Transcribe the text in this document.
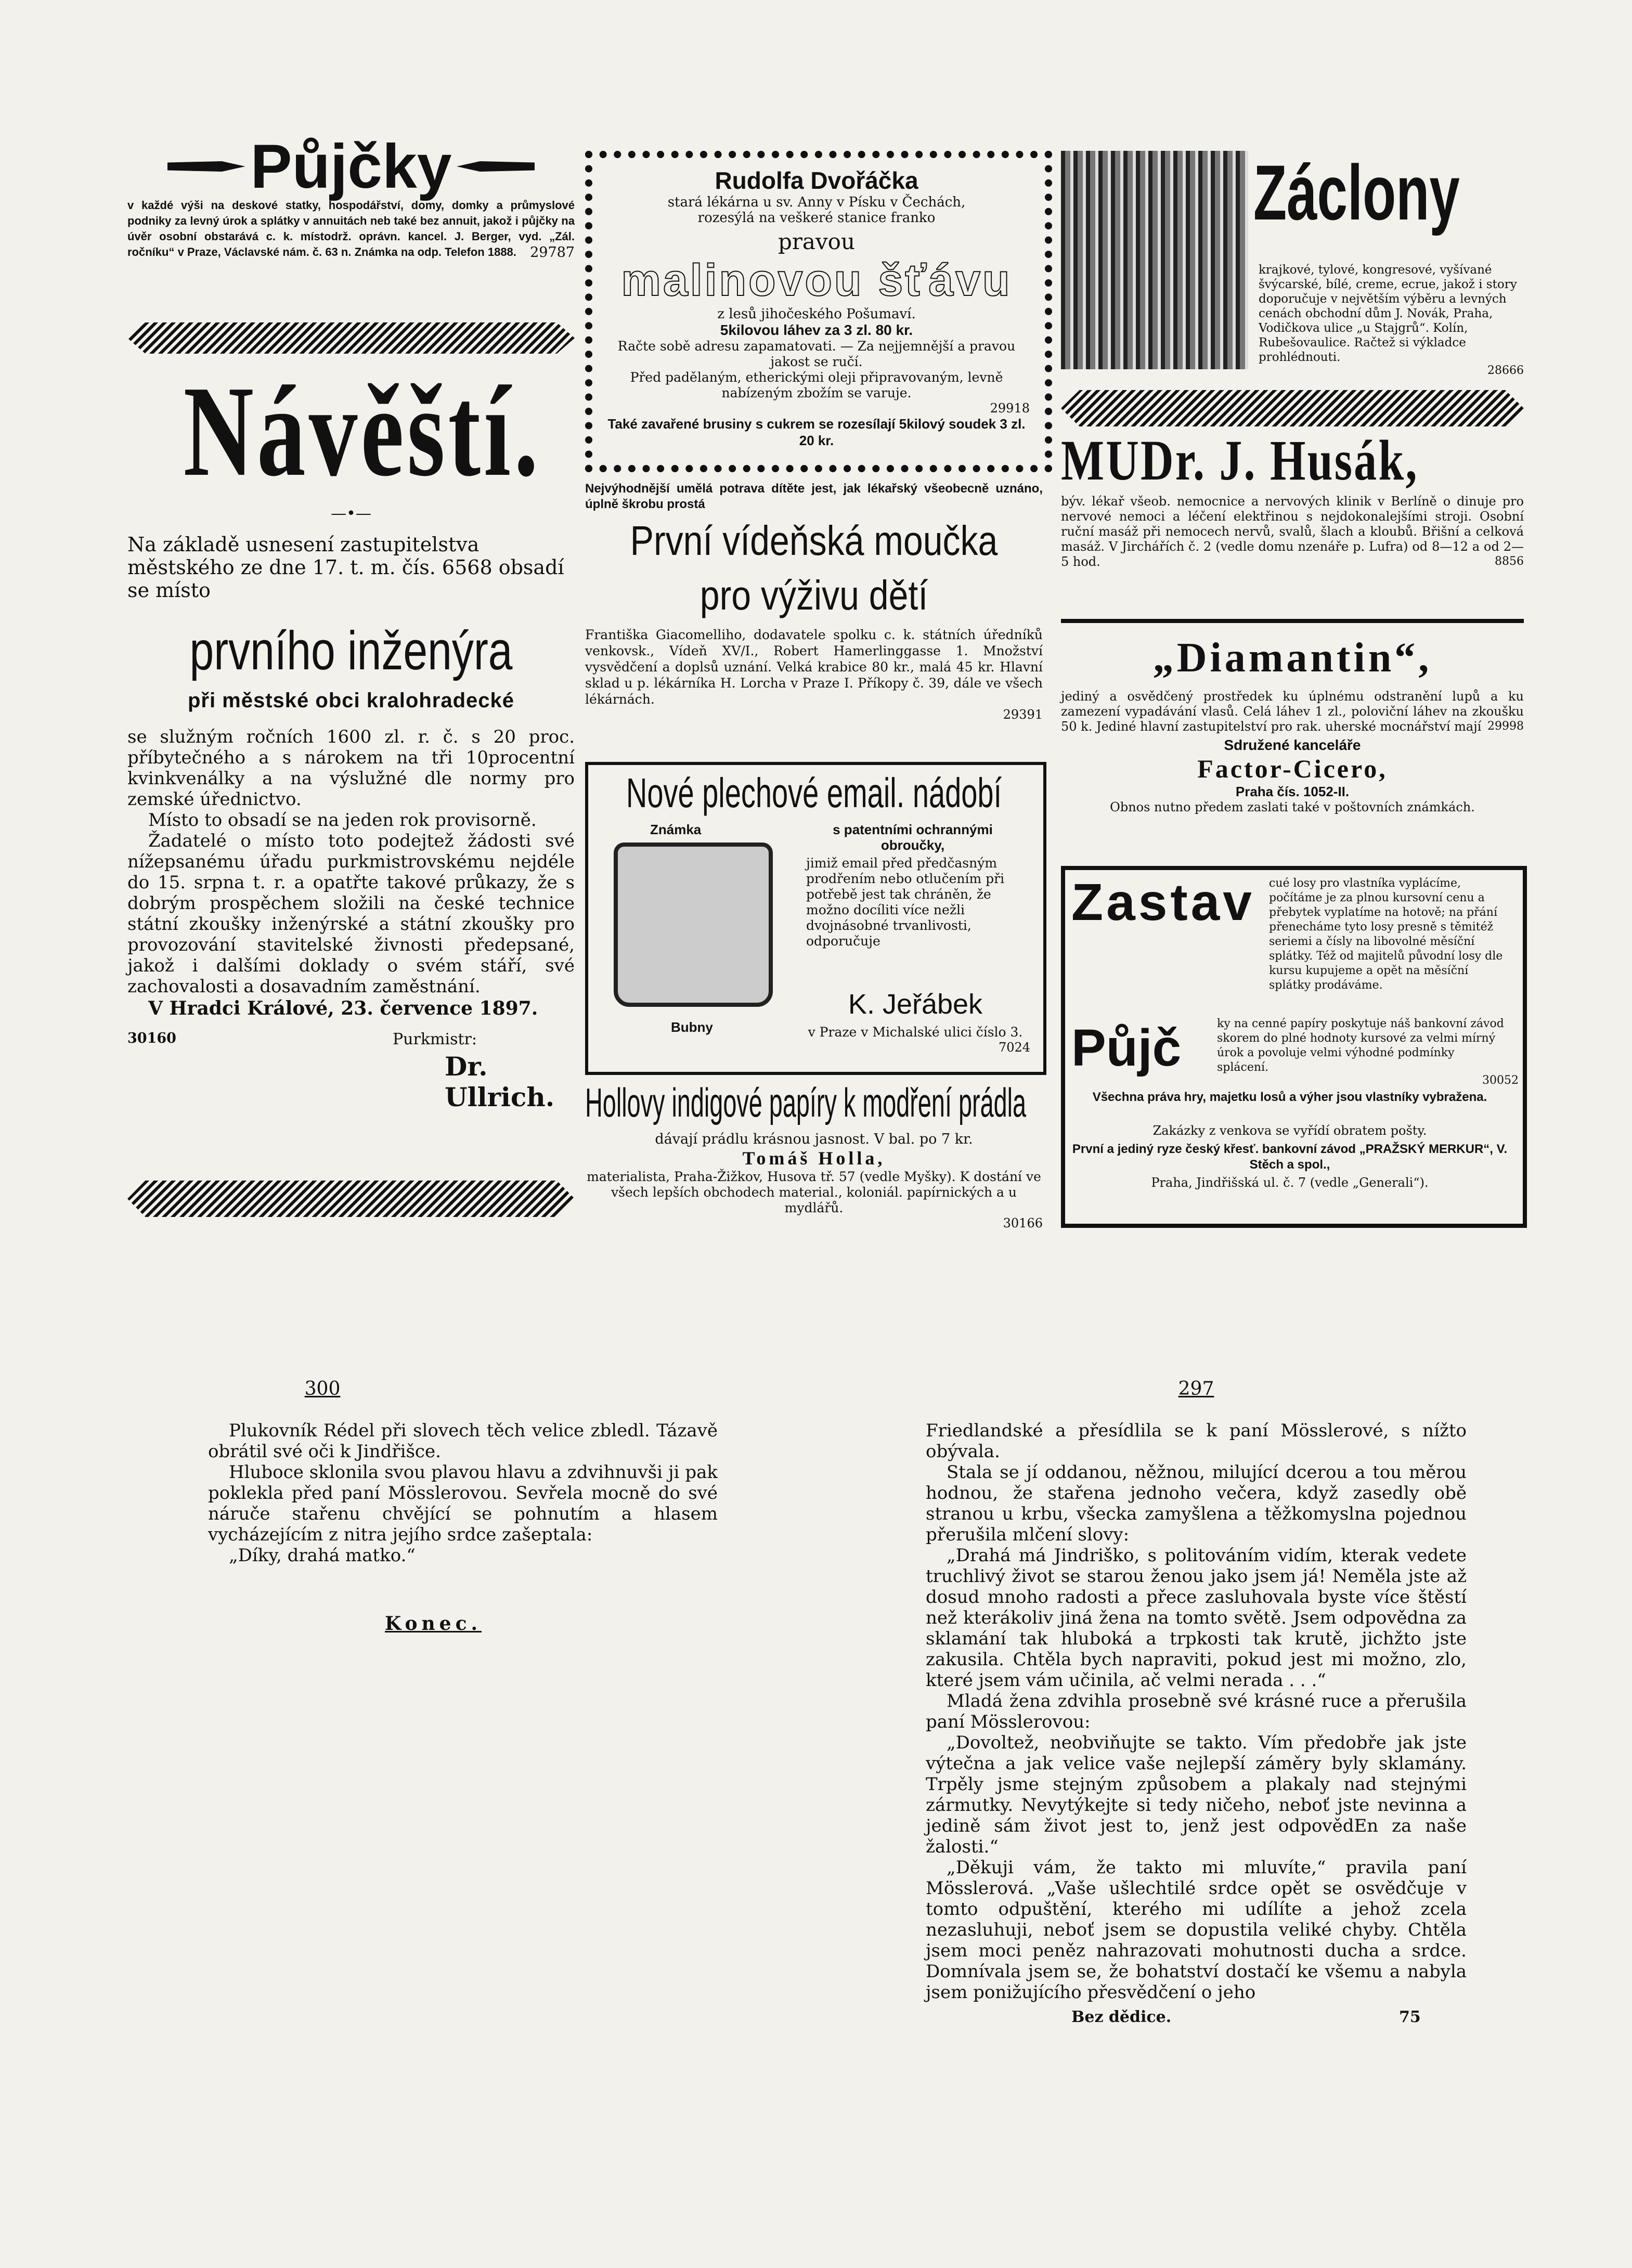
Půjčky

v každé výši na deskové statky, hospodářství, domy, domky a průmyslové podniky za levný úrok a splátky v annuitách neb také bez annuit, jakož i půjčky na úvěr osobní obstarává c. k. místodrž. oprávn. kancel. J. Berger, vyd. „Zál. ročníku“ v Praze, Václavské nám. č. 63 n. Známka na odp. Telefon 1888. 29787
Návěští.
—•—

Na základě usnesení zastupitelstva městského ze dne 17. t. m. čís. 6568 obsadí se místo

prvního inženýra
při městské obci kralohradecké

se služným ročních 1600 zl. r. č. s 20 proc. příbytečného a s nárokem na tři 10procentní kvinkvenálky a na výslužné dle normy pro zemské úřednictvo.

Místo to obsadí se na jeden rok provisorně.

Žadatelé o místo toto podejtež žádosti své nížepsanému úřadu purkmistrovskému nejdéle do 15. srpna t. r. a opatřte takové průkazy, že s dobrým prospěchem složili na české technice státní zkoušky inženýrské a státní zkoušky pro provozování stavitelské živnosti předepsané, jakož i dalšími doklady o svém stáří, své zachovalosti a dosavadním zaměstnání.

V Hradci Králové, 23. července 1897.
30160	Purkmistr:
Dr. Ullrich.
Rudolfa Dvořáčka
stará lékárna u sv. Anny v Písku v Čechách,
rozesýlá na veškeré stanice franko
pravou
malinovou šťávu
z lesů jihočeského Pošumaví.
5kilovou láhev za 3 zl. 80 kr.
Račte sobě adresu zapamatovati. — Za nejjemnější a pravou jakost se ručí.
Před padělaným, etherickými oleji připravovaným, levně nabízeným zbožím se varuje.
29918
Také zavařené brusiny s cukrem se rozesílají 5kilový soudek 3 zl. 20 kr.
Nejvýhodnější umělá potrava dítěte jest, jak lékařský všeobecně uznáno, úplně škrobu prostá
První vídeňská moučka
pro výživu dětí
Františka Giacomelliho, dodavatele spolku c. k. státních úředníků venkovsk., Vídeň XV/I., Robert Hamerlinggasse 1. Množství vysvědčení a doplsů uznání. Velká krabice 80 kr., malá 45 kr. Hlavní sklad u p. lékárníka H. Lorcha v Praze I. Příkopy č. 39, dále ve všech lékárnách.
29391
Nové plechové email. nádobí
Známka	s patentními ochrannými obroučky,
jimiž email před předčasným prodřením nebo otlučením při potřebě jest tak chráněn, že možno docíliti více nežli dvojnásobné trvanlivosti, odporučuje
K. Jeřábek
v Praze v Michalské ulici číslo 3.
7024
Bubny
Hollovy indigové papíry k modření prádla
dávají prádlu krásnou jasnost. V bal. po 7 kr.
Tomáš Holla,
materialista, Praha-Žižkov, Husova tř. 57 (vedle Myšky). K dostání ve všech lepších obchodech material., koloniál. papírnických a u mydlářů.
30166
Záclony
krajkové, tylové, kongresové, vyšívané švýcarské, bílé, creme, ecrue, jakož i story doporučuje v největším výběru a levných cenách obchodní dům J. Novák, Praha, Vodičkova ulice „u Stajgrů“. Kolín, Rubešovaulice. Račtež si výkladce prohlédnouti.
28666
MUDr. J. Husák,
býv. lékař všeob. nemocnice a nervových klinik v Berlíně o dinuje pro nervové nemoci a léčení elektřinou s nejdokonalejšími stroji. Osobní ruční masáž při nemocech nervů, svalů, šlach a kloubů. Břišní a celková masáž. V Jirchářích č. 2 (vedle domu nzenáře p. Lufra) od 8—12 a od 2—5 hod.	8856
„Diamantin“,
jediný a osvědčený prostředek ku úplnému odstranění lupů a ku zamezení vypadávání vlasů. Celá láhev 1 zl., poloviční láhev na zkoušku 50 k. Jediné hlavní zastupitelství pro rak. uherské mocnářství mají 29998
Sdružené kanceláře
Factor-Cicero,
Praha čís. 1052-II.
Obnos nutno předem zaslati také v poštovních známkách.
Zastav cué losy pro vlastníka vyplácíme, počítáme je za plnou kursovní cenu a přebytek vyplatíme na hotově; na přání přenecháme tyto losy presně s těmitéž seriemi a čísly na libovolné měsíční splátky. Též od majitelů původní losy dle kursu kupujeme a opět na měsíční splátky prodáváme.
Půjč	ky na cenné papíry poskytuje náš bankovní závod skorem do plné hodnoty kursové za velmi mírný úrok a povoluje velmi výhodné podmínky splácení.
30052
Všechna práva hry, majetku losů a výher jsou vlastníky vybražena.
Zakázky z venkova se vyřídí obratem pošty.
První a jediný ryze český křesť. bankovní závod „PRAŽSKÝ MERKUR“, V. Stěch a spol.,
Praha, Jindřišská ul. č. 7 (vedle „Generali“).
300

Plukovník Rédel při slovech těch velice zbledl. Tázavě obrátil své oči k Jindřišce.

Hluboce sklonila svou plavou hlavu a zdvihnuvši ji pak poklekla před paní Mösslerovou. Sevřela mocně do své náruče stařenu chvějící se pohnutím a hlasem vycházejícím z nitra jejího srdce zašeptala:

„Díky, drahá matko.“

Konec.
297

Friedlandské a přesídlila se k paní Mösslerové, s nížto obývala.

Stala se jí oddanou, něžnou, milující dcerou a tou měrou hodnou, že stařena jednoho večera, když zasedly obě stranou u krbu, všecka zamyšlena a těžkomyslna pojednou přerušila mlčení slovy:

„Drahá má Jindriško, s politováním vidím, kterak vedete truchlivý život se starou ženou jako jsem já! Neměla jste až dosud mnoho radosti a přece zasluhovala byste více štěstí než kterákoliv jiná žena na tomto světě. Jsem odpovědna za sklamání tak hluboká a trpkosti tak krutě, jichžto jste zakusila. Chtěla bych napraviti, pokud jest mi možno, zlo, které jsem vám učinila, ač velmi nerada . . .“

Mladá žena zdvihla prosebně své krásné ruce a přerušila paní Mösslerovou:

„Dovoltež, neobviňujte se takto. Vím předobře jak jste výtečna a jak velice vaše nejlepší záměry byly sklamány. Trpěly jsme stejným způsobem a plakaly nad stejnými zármutky. Nevytýkejte si tedy ničeho, neboť jste nevinna a jedině sám život jest to, jenž jest odpovědEn za naše žalosti.“

„Děkuji vám, že takto mi mluvíte,“ pravila paní Mösslerová. „Vaše ušlechtilé srdce opět se osvědčuje v tomto odpuštění, kterého mi udílíte a jehož zcela nezasluhuji, neboť jsem se dopustila veliké chyby. Chtěla jsem moci peněz nahrazovati mohutnosti ducha a srdce. Domnívala jsem se, že bohatství dostačí ke všemu a nabyla jsem ponižujícího přesvědčení o jeho

Bez dědice.	75
